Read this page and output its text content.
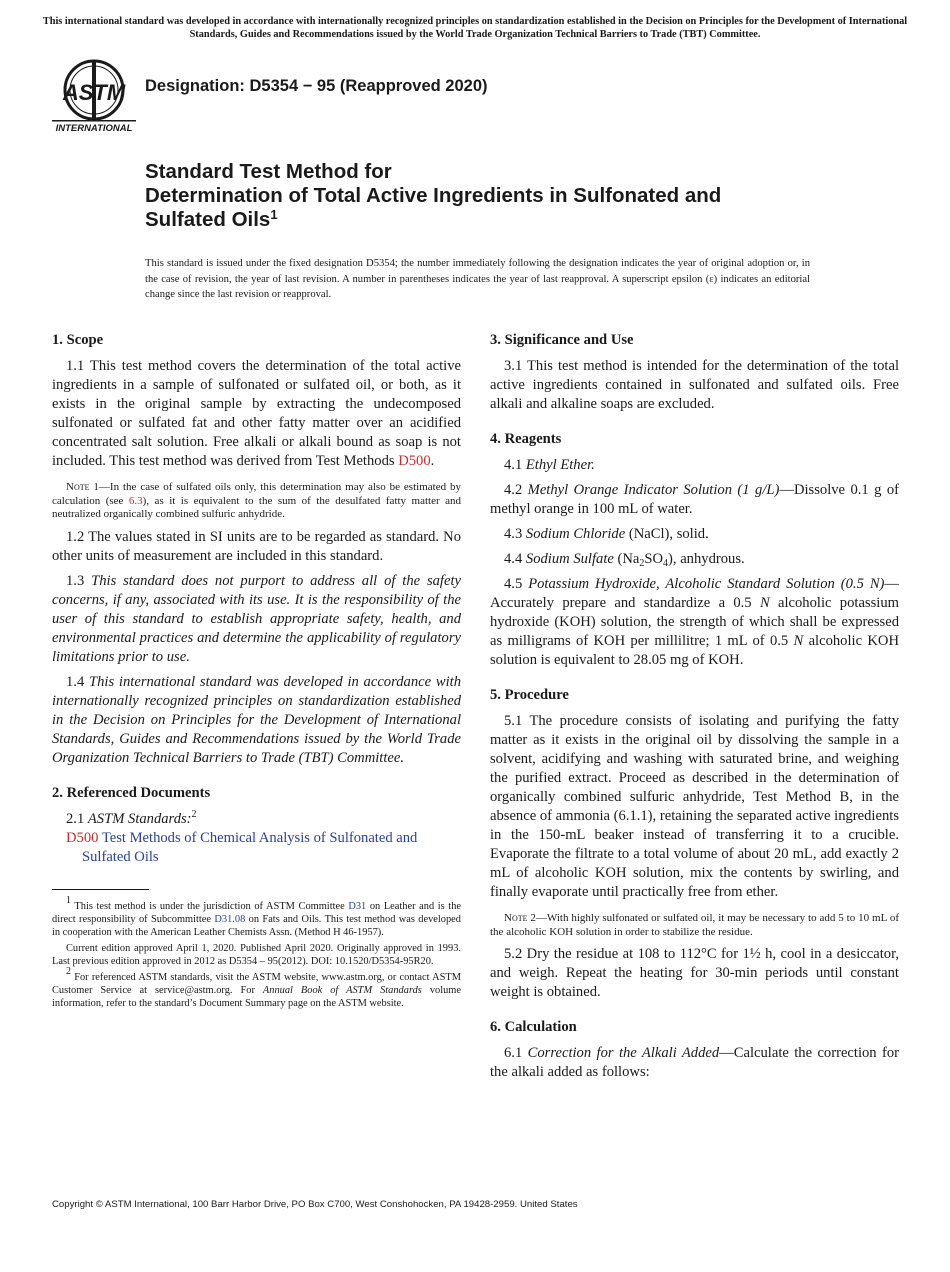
This international standard was developed in accordance with internationally recognized principles on standardization established in the Decision on Principles for the Development of International Standards, Guides and Recommendations issued by the World Trade Organization Technical Barriers to Trade (TBT) Committee.
ASTM
INTERNATIONAL
Designation: D5354 − 95 (Reapproved 2020)
Standard Test Method for
Determination of Total Active Ingredients in Sulfonated and
Sulfated Oils$^1$
This standard is issued under the fixed designation D5354; the number immediately following the designation indicates the year of original adoption or, in the case of revision, the year of last revision. A number in parentheses indicates the year of last reapproval. A superscript epsilon (ε) indicates an editorial change since the last revision or reapproval.

1. Scope

1.1 This test method covers the determination of the total active ingredients in a sample of sulfonated or sulfated oil, or both, as it exists in the original sample by extracting the undecomposed sulfonated or sulfated fat and other fatty matter over an acidified concentrated salt solution. Free alkali or alkali bound as soap is not included. This test method was derived from Test Methods D500.

Note 1—In the case of sulfated oils only, this determination may also be estimated by calculation (see 6.3), as it is equivalent to the sum of the desulfated fatty matter and neutralized organically combined sulfuric anhydride.

1.2 The values stated in SI units are to be regarded as standard. No other units of measurement are included in this standard.

1.3 This standard does not purport to address all of the safety concerns, if any, associated with its use. It is the responsibility of the user of this standard to establish appropriate safety, health, and environmental practices and determine the applicability of regulatory limitations prior to use.

1.4 This international standard was developed in accordance with internationally recognized principles on standardization established in the Decision on Principles for the Development of International Standards, Guides and Recommendations issued by the World Trade Organization Technical Barriers to Trade (TBT) Committee.

2. Referenced Documents

2.1 ASTM Standards:$^2$

D500 Test Methods of Chemical Analysis of Sulfonated and Sulfated Oils

$^1$ This test method is under the jurisdiction of ASTM Committee D31 on Leather and is the direct responsibility of Subcommittee D31.08 on Fats and Oils. This test method was developed in cooperation with the American Leather Chemists Assn. (Method H 46-1957).

Current edition approved April 1, 2020. Published April 2020. Originally approved in 1993. Last previous edition approved in 2012 as D5354 – 95(2012). DOI: 10.1520/D5354-95R20.

$^2$ For referenced ASTM standards, visit the ASTM website, www.astm.org, or contact ASTM Customer Service at service@astm.org. For Annual Book of ASTM Standards volume information, refer to the standard’s Document Summary page on the ASTM website.

3. Significance and Use

3.1 This test method is intended for the determination of the total active ingredients contained in sulfonated and sulfated oils. Free alkali and alkaline soaps are excluded.

4. Reagents

4.1 Ethyl Ether.

4.2 Methyl Orange Indicator Solution (1 g/L)—Dissolve 0.1 g of methyl orange in 100 mL of water.

4.3 Sodium Chloride (NaCl), solid.

4.4 Sodium Sulfate $(Na_2SO_4)$, anhydrous.

4.5 Potassium Hydroxide, Alcoholic Standard Solution (0.5 N)—Accurately prepare and standardize a 0.5 N alcoholic potassium hydroxide (KOH) solution, the strength of which shall be expressed as milligrams of KOH per millilitre; 1 mL of 0.5 N alcoholic KOH solution is equivalent to 28.05 mg of KOH.

5. Procedure

5.1 The procedure consists of isolating and purifying the fatty matter as it exists in the original oil by dissolving the sample in a solvent, acidifying and washing with saturated brine, and weighing the purified extract. Proceed as described in the determination of organically combined sulfuric anhydride, Test Method B, in the absence of ammonia (6.1.1), retaining the separated active ingredients in the 150-mL beaker instead of transferring it to a crucible. Evaporate the filtrate to a total volume of about 20 mL, add exactly 2 mL of alcoholic KOH solution, mix the contents by swirling, and finally evaporate until practically free from ether.

Note 2—With highly sulfonated or sulfated oil, it may be necessary to add 5 to 10 mL of the alcoholic KOH solution in order to stabilize the residue.

5.2 Dry the residue at 108 to 112°C for 1½ h, cool in a desiccator, and weigh. Repeat the heating for 30-min periods until constant weight is obtained.

6. Calculation

6.1 Correction for the Alkali Added—Calculate the correction for the alkali added as follows:

Copyright © ASTM International, 100 Barr Harbor Drive, PO Box C700, West Conshohocken, PA 19428-2959. United States
